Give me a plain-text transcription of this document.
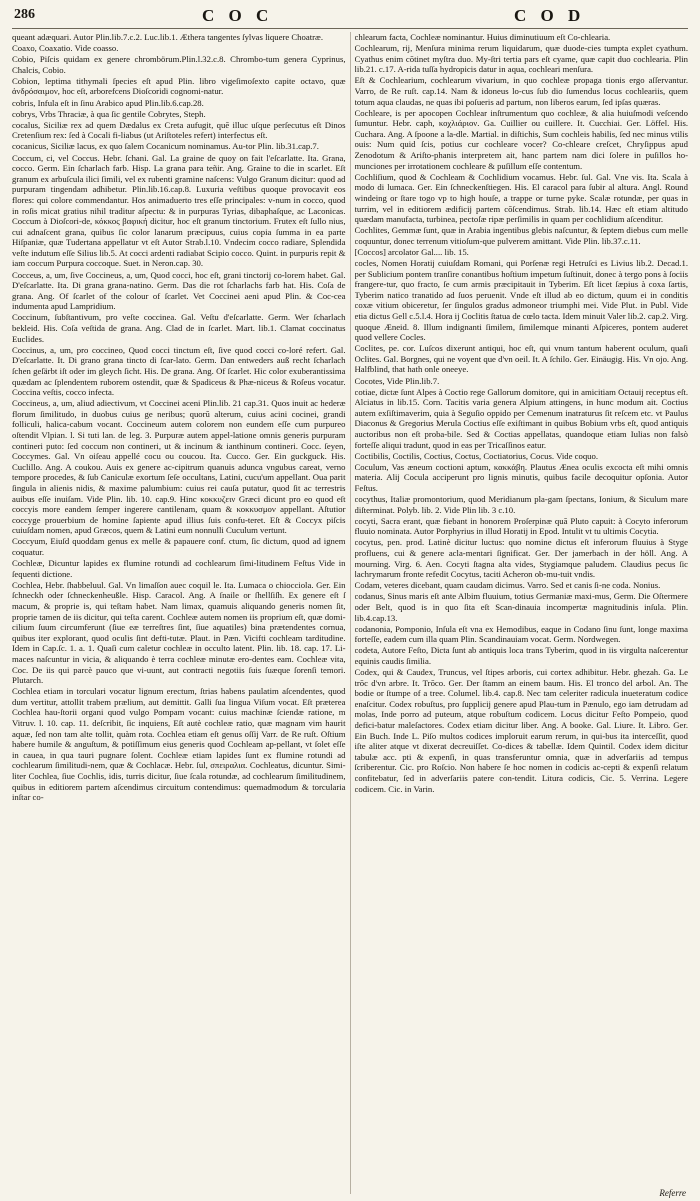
286	C O C	C O D

queant adæquari. Autor Plin.lib.7.c.2. Luc.lib.1. Æthera tangentes ſylvas liquere Choatræ.

Coaxo, Coaxatio. Vide coasso.

Cobio, Piſcis quidam ex genere chrombörum.Plin.l.32.c.8. Chrombo-tum genera Cyprinus, Chalcis, Cobio.

Cobion, leptima tithymali ſpecies eſt apud Plin. libro vigeſimoſexto capite octavo, quæ ἀνδρόσαιμον, hoc eſt, arborefcens Dioſcoridi cognomi-natur.

cobris, Infula eſt in ſinu Arabico apud Plin.lib.6.cap.28.

cobrys, Vrbs Thraciæ, à qua ſic gentile Cobrytes, Steph.

cocalus, Siciliæ rex ad quem Dædalus ex Creta aufugit, quē illuc uſque perſecutus eſt Dinos Cretenſium rex: ſed à Cocali fi-liabus (ut Ariſtoteles refert) interfectus eſt.

cocanicus, Siciliæ lacus, ex quo ſalem Cocanicum nominamus. Au-tor Plin. lib.31.cap.7.

Coccum, ci, vel Coccus. Hebr. ſchani. Gal. La graine de quoy on fait l'eſcarlatte. Ita. Grana, cocco. Germ. Ein ſcharlach farb. Hisp. La grana para teñir. Ang. Graine to die in scarlet. Eſt granum ex arbuſcula ilici ſimili, vel ex rubenti gramine naſcens: Vulgo Granum dicitur: quod ad purpuram tingendam adhibetur. Plin.lib.16.cap.8. Luxuria veſtibus quoque provocavit eos flores: qui colore commendantur. Hos animaduerto tres eſſe principales: v-num in cocco, quod in roſis micat gratius nihil traditur aſpectu: & in purpuras Tyrias, dibaphaſque, ac Laconicas. Coccum à Dioſcori-de, κόκκος βαφική dicitur, hoc eſt granum tinctorium. Frutex eſt ſullo nius, cui adnaſcent grana, quibus ſic color lanarum præcipuus, cuius copia ſumma in ea parte Hiſpaniæ, quæ Tudertana appellatur vt eſt Autor Strab.l.10. Vndecim cocco radiare, Splendida veſte indutum eſſe Silius lib.5. At cocci ardenti radiabat Scipio cocco. Quint. in purpuris repit & iam coccum Purpura coccoque. Suet. in Neron.cap. 30.

Cocceus, a, um, ſive Coccineus, a, um, Quod cocci, hoc eſt, grani tinctorij co-lorem habet. Gal. D'eſcarlatte. Ita. Di grana grana-natino. Germ. Das die rot ſcharlachs farb hat. His. Coſa de grana. Ang. Of ſcarlet of the colour of ſcarlet. Vet Coccinei aeni apud Plin. & Coc-cea indumenta apud Lampridium.

Coccinum, ſubſtantivum, pro veſte coccinea. Gal. Veſtu d'eſcarlatte. Germ. Wer ſcharlach bekleid. His. Coſa veſtida de grana. Ang. Clad de in ſcarlet. Mart. lib.1. Clamat coccinatus Euclides.

Coccinus, a, um, pro coccineo, Quod cocci tinctum eſt, ſive quod cocci co-loré refert. Gal. D'eſcarlatte. It. Di grano grana tincto di ſcar-lato. Germ. Dan entweders auß recht ſcharlach ſchen geſärbt iſt oder im gleych ſicht. His. De grana. Ang. Of ſcarlet. Hic color exuberantissima quædam ac ſplendentem ruborem ostendit, quæ & Spadiceus & Phæ-niceus & Roſeus vocatur. Coccina veſtis, cocco infecta.

Coccineus, a, um, aliud adiectivum, vt Coccinei aceni Plin.lib. 21 cap.31. Quos inuit ac hederæ florum ſimilitudo, in duobus cuius ge neribus; quorū alterum, cuius acini cocinei, grandi folliculi, halica-cabum vocant. Coccineum autem colorem non eundem eſſe cum purpureo oſtendit Vlpian. l. Si tuti lan. de leg. 3. Purpuræ autem appel-latione omnis generis purpuram contineri puto: ſed coccum non contineri, ut & incinum & ianthinum contineri. Cocc. ſeyen, Coccymes. Gal. Vn oiſeau appellé cocu ou coucou. Ita. Cucco. Ger. Ein guckguck. His. Cuclillo. Ang. A coukou. Auis ex genere ac-cipitrum quanuis adunca vngubus careat, verno tempore procedes, & ſub Caniculæ exortum ſeſe occultans, Latini, cucu'um appellant. Oua parit ſingula in alienis nidis, & maxime palumbium: cuius rei cauſa putatur, quod ſit ac terrestris auibus eſſe inuiſam. Vide Plin. lib. 10. cap.9. Hinc κοκκυζειν Græci dicunt pro eo quod eſt coccyis more eandem ſemper ingerere cantilenam, quam & κοκκυσμον appellant. Aſtutior coccyge prouerbium de homine ſapiente apud illius ſuis confu-teret. Eſt & Coccyx piſcis cuiuſdam nomen, apud Græcos, quem & Latini eum nonnulli Cuculum vertunt.

Coccyum, Eiuſd quoddam genus ex melle & papauere conf. ctum, ſic dictum, quod ad ignem coquatur.

Cochleæ, Dicuntur lapides ex flumine rotundi ad cochlearum ſimi-litudinem Feſtus Vide in ſequenti dictione.

Cochlea, Hebr. ſhabbeluul. Gal. Vn limaſſon auec coquil le. Ita. Lumaca o chiocciola. Ger. Ein ſchneckh oder ſchneckenheußle. Hisp. Caracol. Ang. A ſnaile or ſhellſiſh. Ex genere eſt ſ macum, & proprie is, qui teſtam habet. Nam limax, quamuis aliquando generis nomen ſit, proprie tamen de iis dicitur, qui teſta carent. Cochleæ autem nomen iis proprium eſt, quæ domi-cilium ſuum circumferunt (ſiue eæ terreſtres ſint, ſiue aquatiles) bina prætendentes cornua, quibus iter explorant, quod oculis ſint defti-tutæ. Plaut. in Pæn. Vicifti cochleam tarditudine. Idem in Cap.ſc. 1. a. 1. Quaſi cum caletur cochleæ in occulto latent. Plin. lib. 18. cap. 17. Li-maces naſcuntur in vicia, & aliquando è terra cochleæ minutæ ero-dentes eam. Cochleæ vita, Coc. De iis qui parcè pauco que vi-uunt, aut contracti negotiis ſuis ſuæque ſorenſi temori. Plutarch.

Cochlea etiam in torculari vocatur lignum erectum, ſtrias habens paulatim aſcendentes, quod dum vertitur, attollit trabem prælium, aut demittit. Galli ſua lingua Viſum vocat. Eſt præterea Cochlea hau-ſtorii organi quod vulgo Pompam vocant: cuius machinæ ſciendæ ratione, m Vitruv. l. 10. cap. 11. deſcribit, ſic inquiens, Eſt autè cochleæ ratio, quæ magnam vim haurit aquæ, ſed non tam alte tollit, quàm rota. Cochlea etiam eſt genus oſſij Varr. de Re ruſt. Oſtium habere humile & anguſtum, & potiſſimum eius generis quod Cochleam ap-pellant, vt ſolet eſſe in cauea, in qua tauri pugnare ſolent. Cochleæ etiam lapides ſunt ex flumine rotundi ad cochlearum ſimilitudi-nem, quæ & Cochlacæ. Hebr. ſul, σπειραλια. Cochleatus, dicuntur. Simi-liter Cochlea, ſiue Cochlis, idis, turris dicitur, ſiue ſcala rotundæ, ad cochlearum ſimilitudinem, quibus in editiorem partem aſcendimus circuitum contendimus: quemadmodum & torcularia inſtar co-

chlearum facta, Cochleæ nominantur. Huius diminutiuum eſt Co-chlearia.

Cochlearum, rij, Menſura minima rerum liquidarum, quæ duode-cies tumpta explet cyathum. Cyathus enim cōtinet myſtra duo. My-ſtri tertia pars eſt cyame, quæ capit duo cochlearia. Plin lib.21. c.17. A-rida tuſſa hydropicis datur in aqua, cochleari menſura.

Eſt & Cochlearium, cochlearum vivarium, in quo cochleæ propaga tionis ergo aſſervantur. Varro, de Re ruſt. cap.14. Nam & idoneus lo-cus ſub dio ſumendus locus cochleariis, quem totum aqua claudas, ne quas ibi poſueris ad partum, non liberos earum, ſed ipſas quæras.

Cochleare, is per apocopen Cochlear inſtrumentum quo cochleæ, & alia huiuſmodi veſcendo ſumuntur. Hebr. caph, κοχλιάριον. Ga. Cuillier ou cuillere. It. Cucchiai. Ger. Löffel. His. Cuchara. Ang. A ſpoone a la-dle. Martial. in diſtichis, Sum cochleis habilis, ſed nec minus vtilis ouis: Num quid ſcis, potius cur cochleare vocer? Co-chleare creſcet, Chryſippus apud Zenodotum & Ariſto-phanis interpretem ait, hanc partem nam dici ſolere in puſillos ho-munciones per irrotationem cochleare & puſillum eſſe contentum.

Cochliſium, quod & Cochleam & Cochlidium vocamus. Hebr. ſul. Gal. Vne vis. Ita. Scala à modo di lumaca. Ger. Ein ſchneckenſtiegen. His. El caracol para ſubir al altura. Angl. Round windeing or ſtare togo vp to high houſe, a trappe or turne pyke. Scalæ rotundæ, per quas in turrim, vel in editiorem ædificij partem cōſcendimus. Strab. lib.14. Hæc eſt etiam altitudo quædam manufacta, turbinea, pectoſæ ripæ perſimilis in quam per cochlidium aſcenditur.

Cochlites, Gemmæ ſunt, quæ in Arabia ingentibus glebis naſcuntur, & ſeptem diebus cum melle coquuntur, donec terrenum vitioſum-que pulverem amittant. Vide Plin. lib.37.c.11.

[Coccos] arcolator Gal.... lib. 15.

cocles, Nomen Horatij cuiuſdam Romani, qui Porſenæ regi Hetruſci es Livius lib.2. Decad.1. per Sublicium pontem tranſire conantibus hoſtium impetum ſuſtinuit, donec à tergo pons à ſociis frangere-tur, quo fracto, ſe cum armis præcipitauit in Tyberim. Eſt licet ſæpius à coxa ſartis, Tyberim natico tranatido ad ſuos peruenit. Vnde eſt illud ab eo dictum, quum ei in conditis coxæ vitium obiceretur, ſer ſingulos gradus admoneor triumphi mei. Vide Plut. in Publ. Vide etia dictus Gell c.5.l.4. Hora ij Coclitis ſtatua de cœlo tacta. Idem minuit Valer lib.2. cap.2. Virg. quoque Æneid. 8. Illum indignanti ſimilem, ſimilemque minanti Aſpiceres, pontem auderet quod vellere Cocles.

Coclites, pe. cor. Luſcos dixerunt antiqui, hoc eſt, qui vnum tantum haberent oculum, quaſi Oclites. Gal. Borgnes, qui ne voyent que d'vn oeil. It. A ſchilo. Ger. Einäugig. His. Vn ojo. Ang. Halfblind, that hath onle oneeye.

Cocotes, Vide Plin.lib.7.

cotiae, dictæ ſunt Alpes à Coctio rege Gallorum domitore, qui in amicitiam Octauij receptus eſt. Alciatus in lib.15. Corn. Tacitis varia genera Alpium attingens, in hunc modum ait. Coctius autem exſiſtimaverim, quia à Seguſio oppido per Cemenum inatraturus ſit reſcem etc. vt Paulus Diaconus & Gregorius Merula Coctius eſſe exiſtimant in quibus Bobium vrbs eſt, quod antiquis auctoribus non eſt proba-bile. Sed & Coctias appellatas, quandoque etiam Iulias non falsò forteſſe aliqui tradunt, quod in eas per Tricaſſinos eatur.

Coctibilis, Coctilis, Coctius, Coctus, Coctiatorius, Cocus. Vide coquo.

Coculum, Vas æneum coctioni aptum, κακκάβη. Plautus Ænea oculis excocta eſt mihi omnis materia. Alij Cocula acciperunt pro lignis minutis, quibus facile decoquitur opſonia. Autor Feſtus.

cocythus, Italiæ promontorium, quod Meridianum pla-gam ſpectans, Ionium, & Siculum mare diſterminat. Polyb. lib. 2. Vide Plin lib. 3 c.10.

cocyti, Sacra erant, quæ fiebant in honorem Proſerpinæ quā Pluto capuit: à Cocyto inferorum fluuio nominata. Autor Porphyrius in illud Horatij in Epod. Intulit vt tu ultimis Cocytia.

cocytus, pen. prod. Latinè dicitur luctus: quo nomine dictus eſt inferorum fluuius à Styge profluens, cui & genere acla-mentari ſignificat. Ger. Der jamerbach in der höll. Ang. A mourning. Virg. 6. Aen. Cocyti ſtagna alta vides, Stygiamque paludem. Claudius pecus ſic lachrymarum fronte refedit Cocytus, taciti Acheron ob-mu-tuit vndis.

Codam, veteres dicebant, quam caudam dicimus. Varro. Sed et canis ſi-ne coda. Nonius.

codanus, Sinus maris eſt ante Albim fluuium, totius Germaniæ maxi-mus, Germ. Die Oſtermere oder Belt, quod is in quo ſita eſt Scan-dinauia incompertæ magnitudinis inſula. Plin. lib.4.cap.13.

codanonia, Pomponio, Inſula eſt vna ex Hemodibus, eaque in Codano ſinu ſunt, longe maxima forteſſe, eadem cum illa quam Plin. Scandinauiam vocat. Germ. Nordwegen.

codeta, Autore Feſto, Dicta ſunt ab antiquis loca trans Tyberim, quod in iis virgulta naſcerentur equinis caudis ſimilia.

Codex, qui & Caudex, Truncus, vel ſtipes arboris, cui cortex adhibitur. Hebr. ghezah. Ga. Le trōc d'vn arbre. It. Trōco. Ger. Der ſtamm an einem baum. His. El tronco del arbol. An. The bodie or ſtumpe of a tree. Columel. lib.4. cap.8. Nec tam celeriter radicula inueteratum codice enaſcitur. Codex robuſtus, pro ſupplicij genere apud Plau-tum in Pænulo, ego iam detrudam ad molas, Inde porro ad puteum, atque robuſtum codicem. Locus dicitur Feſto Pompeio, quod defici-batur maleſactores. Codex etiam dicitur liber. Ang. A booke. Gal. Liure. It. Libro. Ger. Ein Buch. Inde L. Piſo multos codices imploruit earum rerum, in qui-bus ita interceſſit, quod iſte aliter atque vt dixerat decreuiſſet. Co-dices & tabellæ. Idem Quintil. Codex idem dicitur tabulæ acc. pti & expenſi, in quas transferuntur omnia, quæ in adverſariis ad tempus ſcriberentur. Cic. pro Roſcio. Non habere ſe hoc nomen in codicis ac-cepti & expenſi relatum confitebatur, ſed in adverſariis patere con-tendit. Litura codicis, Cic. 5. Verrina. Legere codicem. Cic. in Varin.

Referre
